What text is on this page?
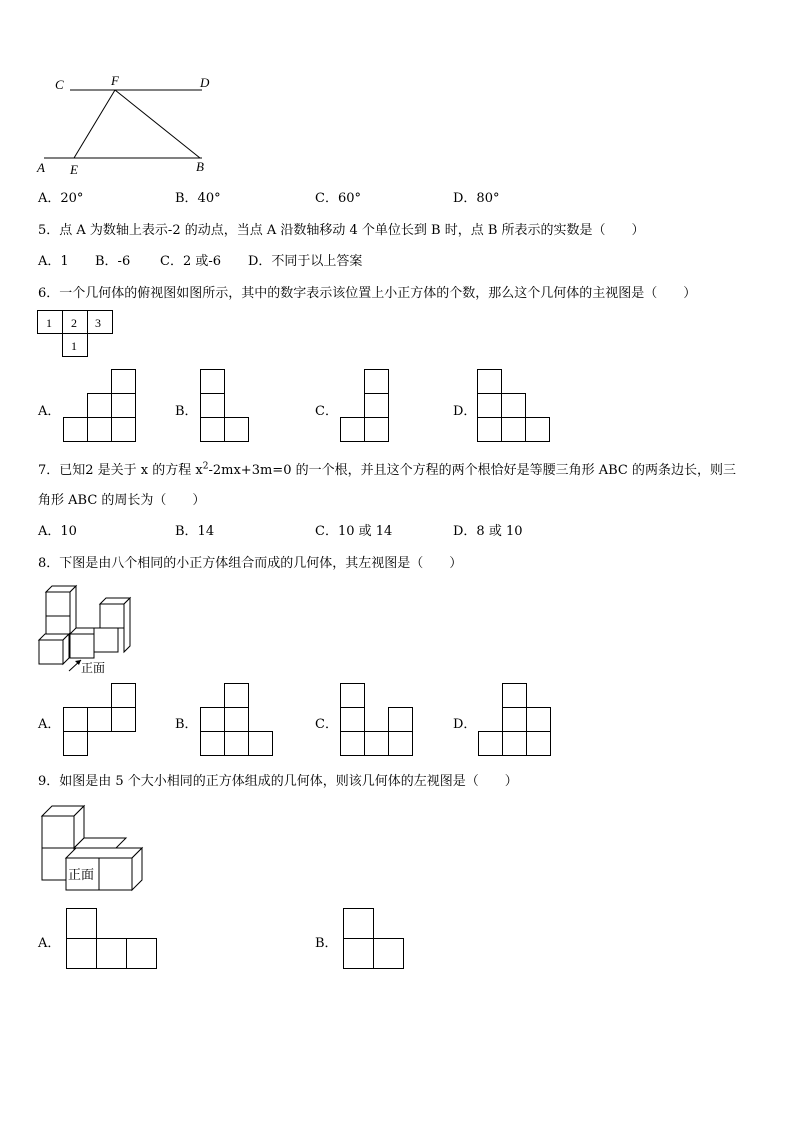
C	F	D
A E	B
A．20°	B．40°	C．60°	D．80°
5．点 A 为数轴上表示-2 的动点，当点 A 沿数轴移动 4 个单位长到 B 时，点 B 所表示的实数是（　　）
A．1 B．-6 C．2 或-6 D．不同于以上答案
6．一个几何体的俯视图如图所示，其中的数字表示该位置上小正方体的个数，那么这个几何体的主视图是（　　）
1 2 3
1
A．	B．	C．	D．
7．已知2 是关于 x 的方程 $x^2-2mx+3m=0$ 的一个根，并且这个方程的两个根恰好是等腰三角形 ABC 的两条边长，则三
角形 ABC 的周长为（　　）
A．10	B．14	C．10 或 14	D．8 或 10
8．下图是由八个相同的小正方体组合而成的几何体，其左视图是（　　）
正面
A．	B．	C．	D．
9．如图是由 5 个大小相同的正方体组成的几何体，则该几何体的左视图是（　　）
正面
A．	B．
